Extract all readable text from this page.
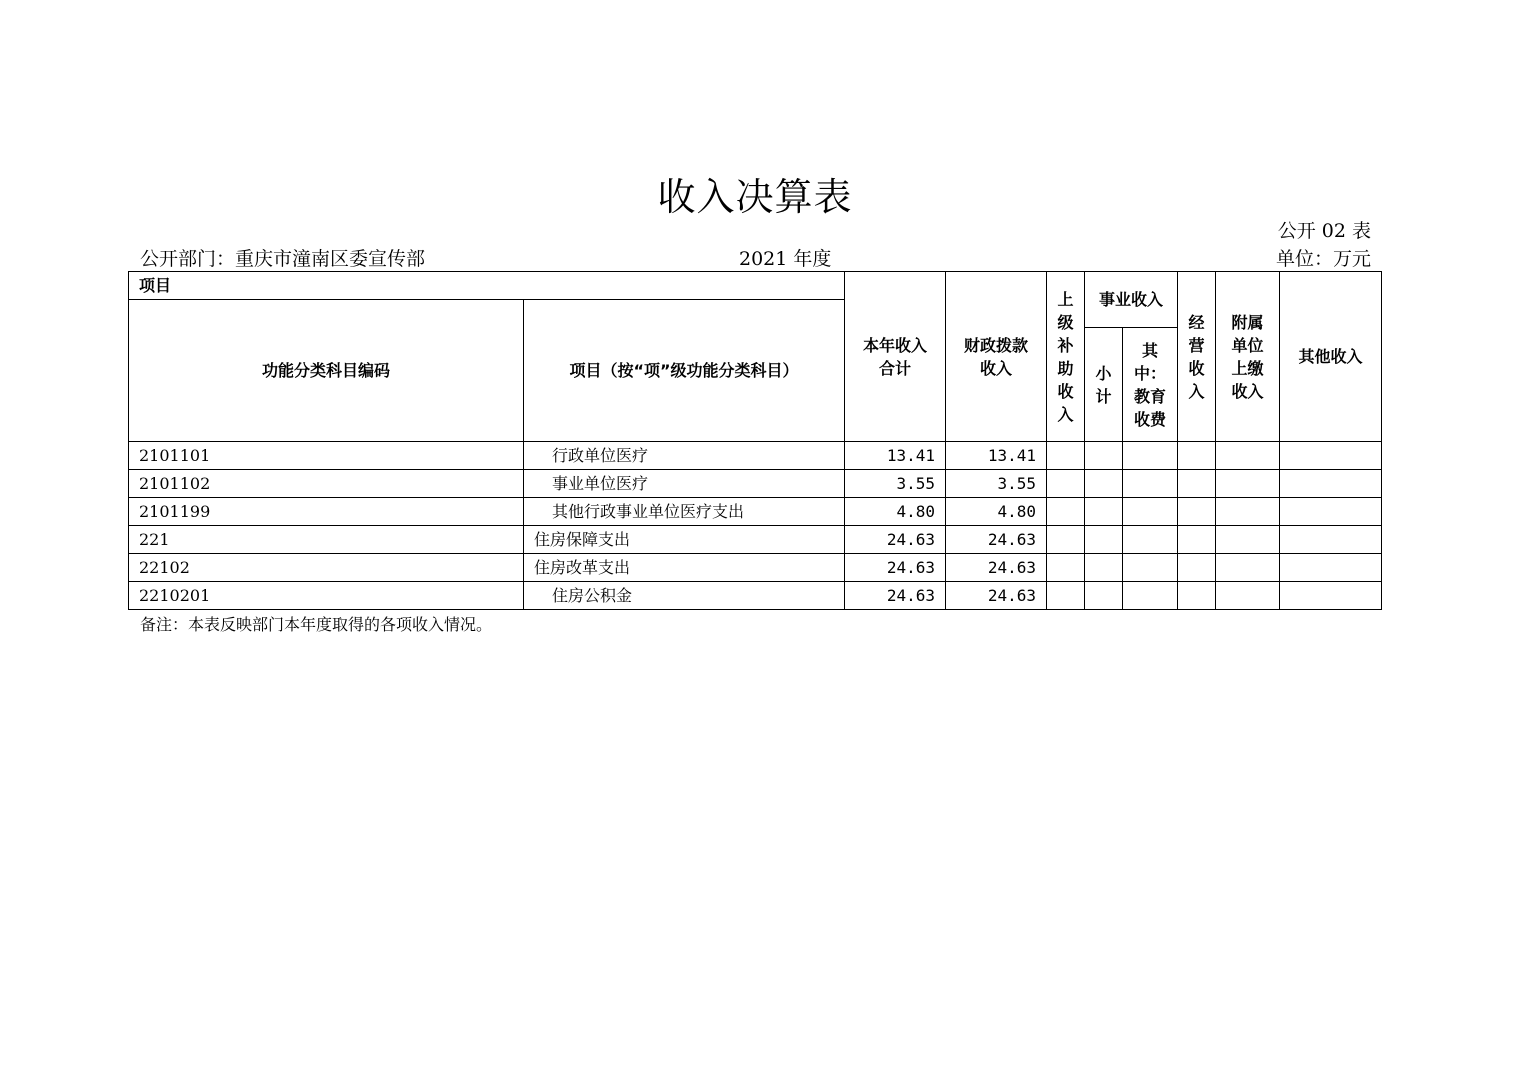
收入决算表
公开 02 表
公开部门：重庆市潼南区委宣传部	2021 年度	单位：万元
项目		本年收入合计	财政拨款收入	上级补助收入	事业收入		经营收入	附属单位上缴收入	其他收入
功能分类科目编码	项目（按“项”级功能分类科目）								
					小计	其中：教育收费			
2101101	行政单位医疗	13.41	13.41						
2101102	事业单位医疗	3.55	3.55						
2101199	其他行政事业单位医疗支出	4.80	4.80						
221	住房保障支出	24.63	24.63						
22102	住房改革支出	24.63	24.63						
2210201	住房公积金	24.63	24.63						
备注：本表反映部门本年度取得的各项收入情况。
